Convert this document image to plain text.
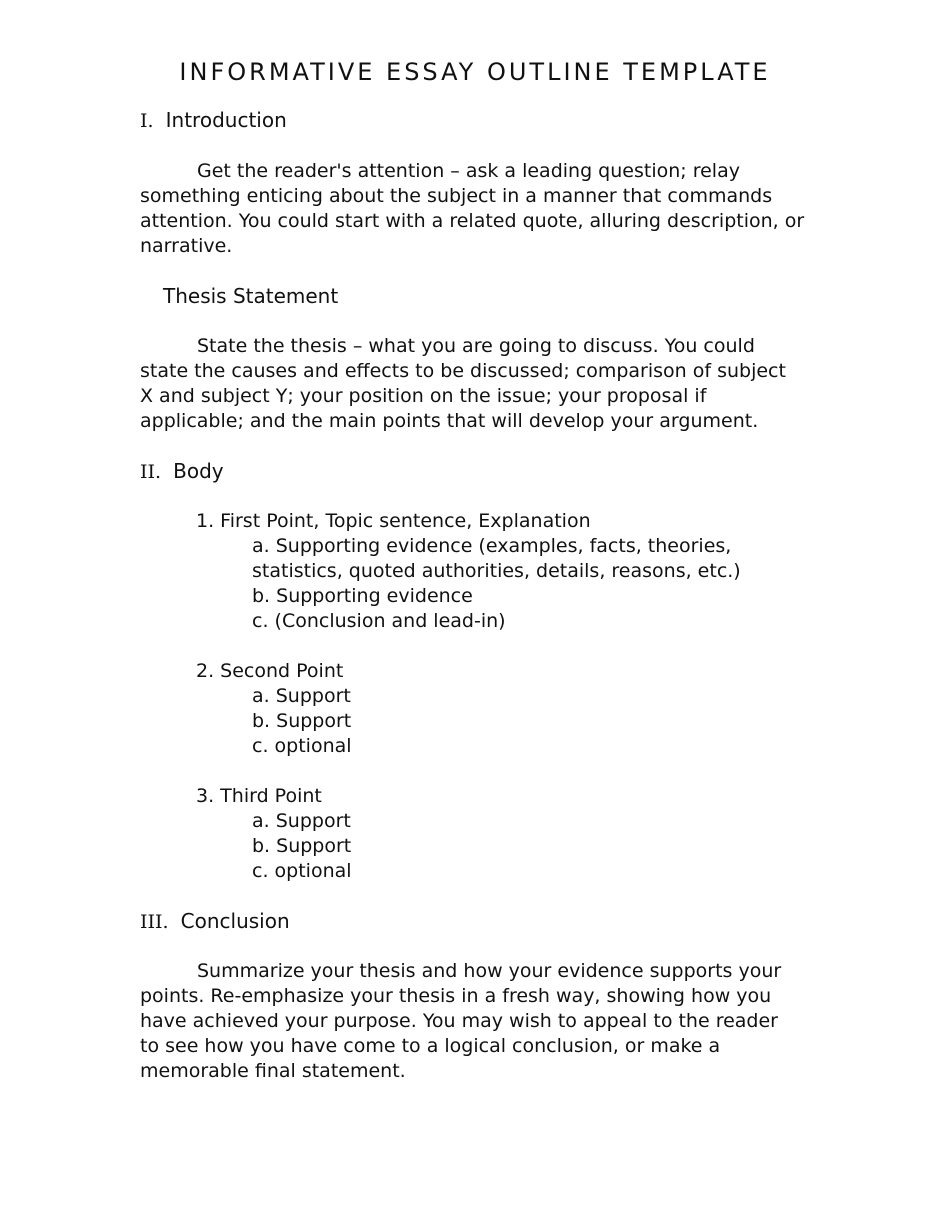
INFORMATIVE ESSAY OUTLINE TEMPLATE
I. Introduction
Get the reader's attention – ask a leading question; relay
something enticing about the subject in a manner that commands
attention. You could start with a related quote, alluring description, or
narrative.
Thesis Statement
State the thesis – what you are going to discuss. You could
state the causes and effects to be discussed; comparison of subject
X and subject Y; your position on the issue; your proposal if
applicable; and the main points that will develop your argument.
II. Body
1. First Point, Topic sentence, Explanation
a. Supporting evidence (examples, facts, theories,
statistics, quoted authorities, details, reasons, etc.)
b. Supporting evidence
c. (Conclusion and lead-in)
2. Second Point
a. Support
b. Support
c. optional
3. Third Point
a. Support
b. Support
c. optional
III. Conclusion
Summarize your thesis and how your evidence supports your
points. Re-emphasize your thesis in a fresh way, showing how you
have achieved your purpose. You may wish to appeal to the reader
to see how you have come to a logical conclusion, or make a
memorable final statement.
